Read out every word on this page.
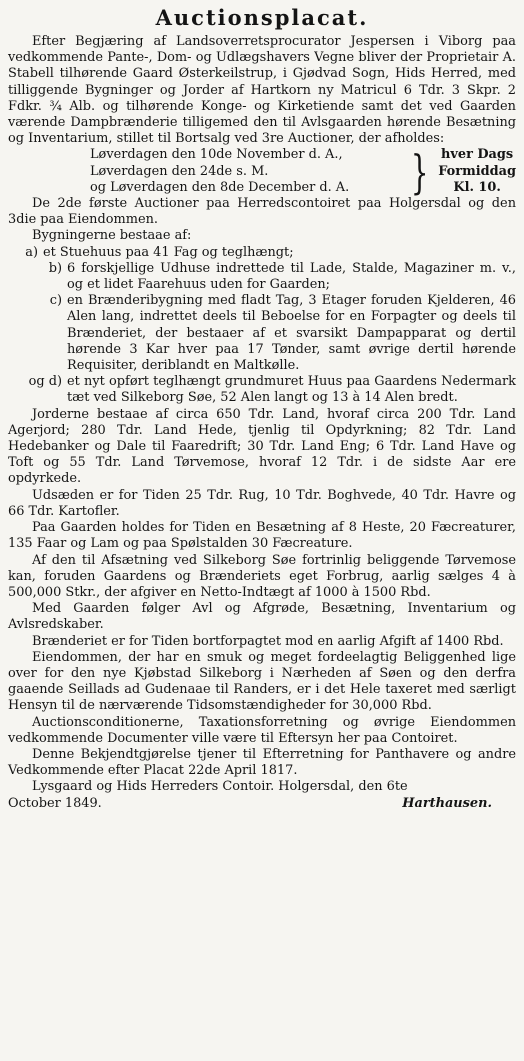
Auctionsplacat.

Efter Begjæring af Landsoverretsprocurator Jespersen i Viborg paa vedkommende Pante-, Dom- og Udlægshavers Vegne bliver der Proprietair A. Stabell tilhørende Gaard Østerkeilstrup, i Gjødvad Sogn, Hids Herred, med tilliggende Bygninger og Jorder af Hartkorn ny Matricul 6 Tdr. 3 Skpr. 2 Fdkr. ¾ Alb. og tilhørende Konge- og Kirketiende samt det ved Gaarden værende Dampbrænderie tilligemed den til Avlsgaarden hørende Besætning og Inventarium, stillet til Bortsalg ved 3re Auctioner, der afholdes:

Løverdagen den 10de November d. A.,
Løverdagen den 24de s. M.
og Løverdagen den 8de December d. A.	} hver Dags
Formiddag
Kl. 10.

De 2de første Auctioner paa Herredscontoiret paa Holgersdal og den 3die paa Eiendommen.

Bygningerne bestaae af:

a) et Stuehuus paa 41 Fag og teglhængt;
b) 6 forskjellige Udhuse indrettede til Lade, Stalde, Magaziner m. v., og et lidet Faarehuus uden for Gaarden;
c) en Brænderibygning med fladt Tag, 3 Etager foruden Kjelderen, 46 Alen lang, indrettet deels til Beboelse for en Forpagter og deels til Brænderiet, der bestaaer af et svarsikt Dampapparat og dertil hørende 3 Kar hver paa 17 Tønder, samt øvrige dertil hørende Requisiter, deriblandt en Maltkølle.
og d) et nyt opført teglhængt grundmuret Huus paa Gaardens Nedermark tæt ved Silkeborg Søe, 52 Alen langt og 13 à 14 Alen bredt.

Jorderne bestaae af circa 650 Tdr. Land, hvoraf circa 200 Tdr. Land Agerjord; 280 Tdr. Land Hede, tjenlig til Opdyrkning; 82 Tdr. Land Hedebanker og Dale til Faaredrift; 30 Tdr. Land Eng; 6 Tdr. Land Have og Toft og 55 Tdr. Land Tørvemose, hvoraf 12 Tdr. i de sidste Aar ere opdyrkede.

Udsæden er for Tiden 25 Tdr. Rug, 10 Tdr. Boghvede, 40 Tdr. Havre og 66 Tdr. Kartofler.

Paa Gaarden holdes for Tiden en Besætning af 8 Heste, 20 Fæcreaturer, 135 Faar og Lam og paa Spølstalden 30 Fæcreature.

Af den til Afsætning ved Silkeborg Søe fortrinlig beliggende Tørvemose kan, foruden Gaardens og Brænderiets eget Forbrug, aarlig sælges 4 à 500,000 Stkr., der afgiver en Netto-Indtægt af 1000 à 1500 Rbd.

Med Gaarden følger Avl og Afgrøde, Besætning, Inventarium og Avlsredskaber.

Brænderiet er for Tiden bortforpagtet mod en aarlig Afgift af 1400 Rbd.

Eiendommen, der har en smuk og meget fordeelagtig Beliggenhed lige over for den nye Kjøbstad Silkeborg i Nærheden af Søen og den derfra gaaende Seillads ad Gudenaae til Randers, er i det Hele taxeret med særligt Hensyn til de nærværende Tidsomstændigheder for 30,000 Rbd.

Auctionsconditionerne, Taxationsforretning og øvrige Eiendommen vedkommende Documenter ville være til Eftersyn her paa Contoiret.

Denne Bekjendtgjørelse tjener til Efterretning for Panthavere og andre Vedkommende efter Placat 22de April 1817.

Lysgaard og Hids Herreders Contoir. Holgersdal, den 6te

October 1849.	Harthausen.
